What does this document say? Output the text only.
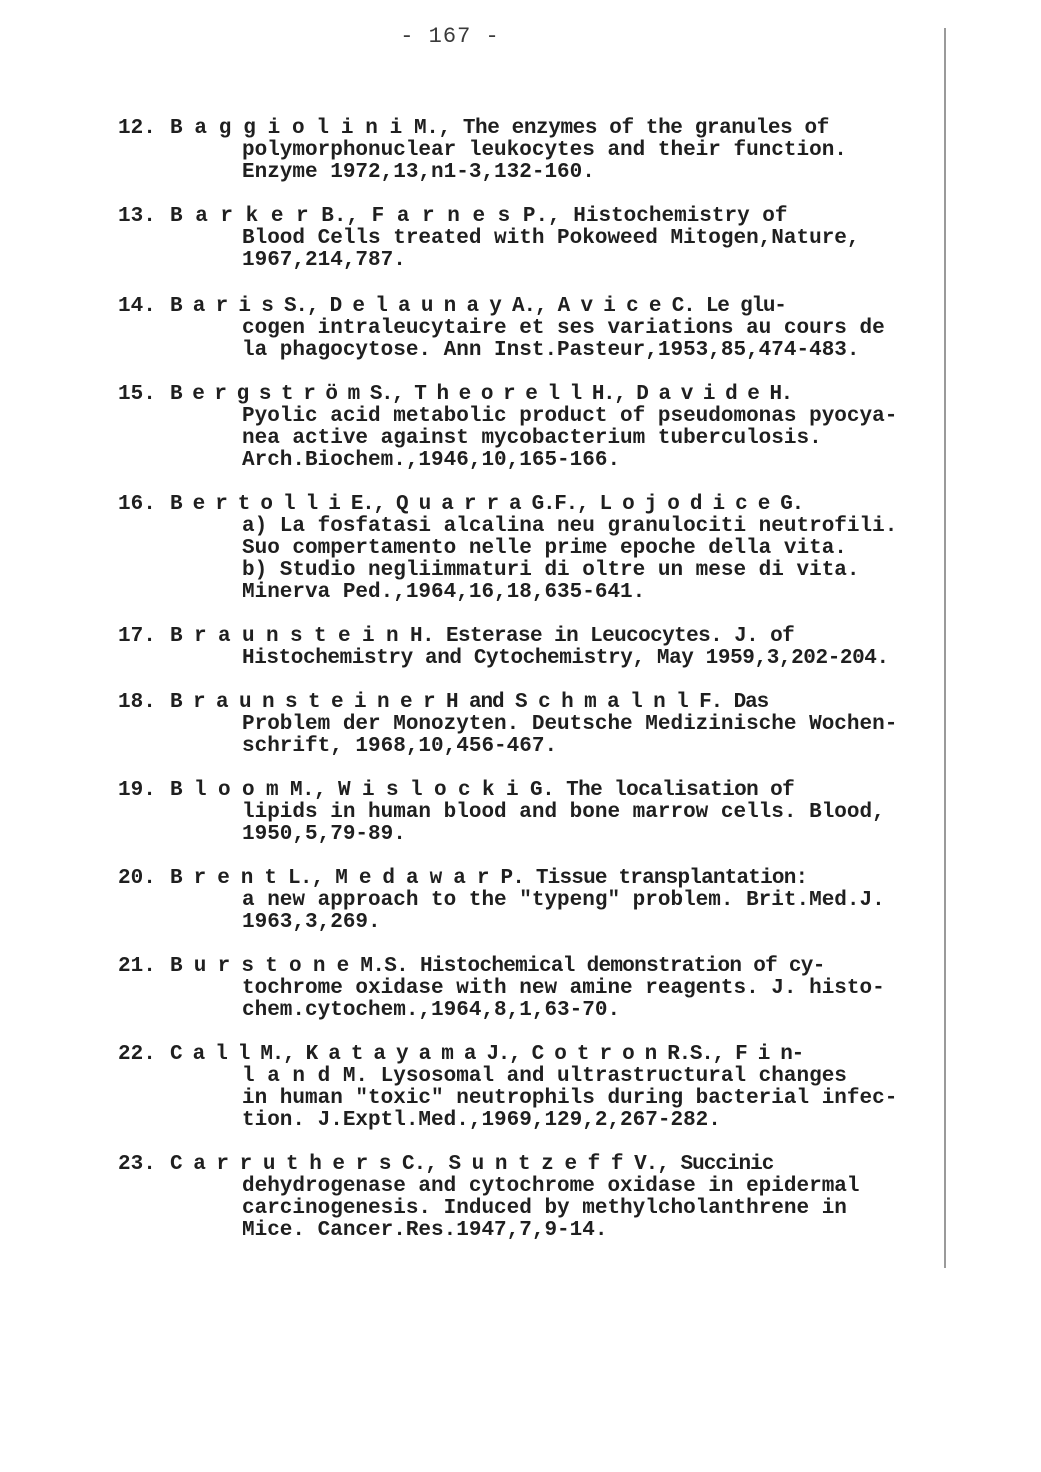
- 167 -
12. B a g g i o l i n i M., The enzymes of the granules of
polymorphonuclear leukocytes and their function.
Enzyme 1972,13,n1-3,132-160.
13. B a r k e r B., F a r n e s P., Histochemistry of
Blood Cells treated with Pokoweed Mitogen,Nature,
1967,214,787.
14. B a r i s S., D e l a u n a y A., A v i c e C. Le glu-
cogen intraleucytaire et ses variations au cours de
la phagocytose. Ann Inst.Pasteur,1953,85,474-483.
15. B e r g s t r ö m S., T h e o r e l l H., D a v i d e H.
Pyolic acid metabolic product of pseudomonas pyocya-
nea active against mycobacterium tuberculosis.
Arch.Biochem.,1946,10,165-166.
16. B e r t o l l i E., Q u a r r a G.F., L o j o d i c e G.
a) La fosfatasi alcalina neu granulociti neutrofili.
Suo compertamento nelle prime epoche della vita.
b) Studio negliimmaturi di oltre un mese di vita.
Minerva Ped.,1964,16,18,635-641.
17. B r a u n s t e i n H. Esterase in Leucocytes. J. of
Histochemistry and Cytochemistry, May 1959,3,202-204.
18. B r a u n s t e i n e r H and S c h m a l n l F. Das
Problem der Monozyten. Deutsche Medizinische Wochen-
schrift, 1968,10,456-467.
19. B l o o m M., W i s l o c k i G. The localisation of
lipids in human blood and bone marrow cells. Blood,
1950,5,79-89.
20. B r e n t L., M e d a w a r P. Tissue transplantation:
a new approach to the "typeng" problem. Brit.Med.J.
1963,3,269.
21. B u r s t o n e M.S. Histochemical demonstration of cy-
tochrome oxidase with new amine reagents. J. histo-
chem.cytochem.,1964,8,1,63-70.
22. C a l l M., K a t a y a m a J., C o t r o n R.S., F i n-
l a n d M. Lysosomal and ultrastructural changes
in human "toxic" neutrophils during bacterial infec-
tion. J.Exptl.Med.,1969,129,2,267-282.
23. C a r r u t h e r s C., S u n t z e f f V., Succinic
dehydrogenase and cytochrome oxidase in epidermal
carcinogenesis. Induced by methylcholanthrene in
Mice. Cancer.Res.1947,7,9-14.
